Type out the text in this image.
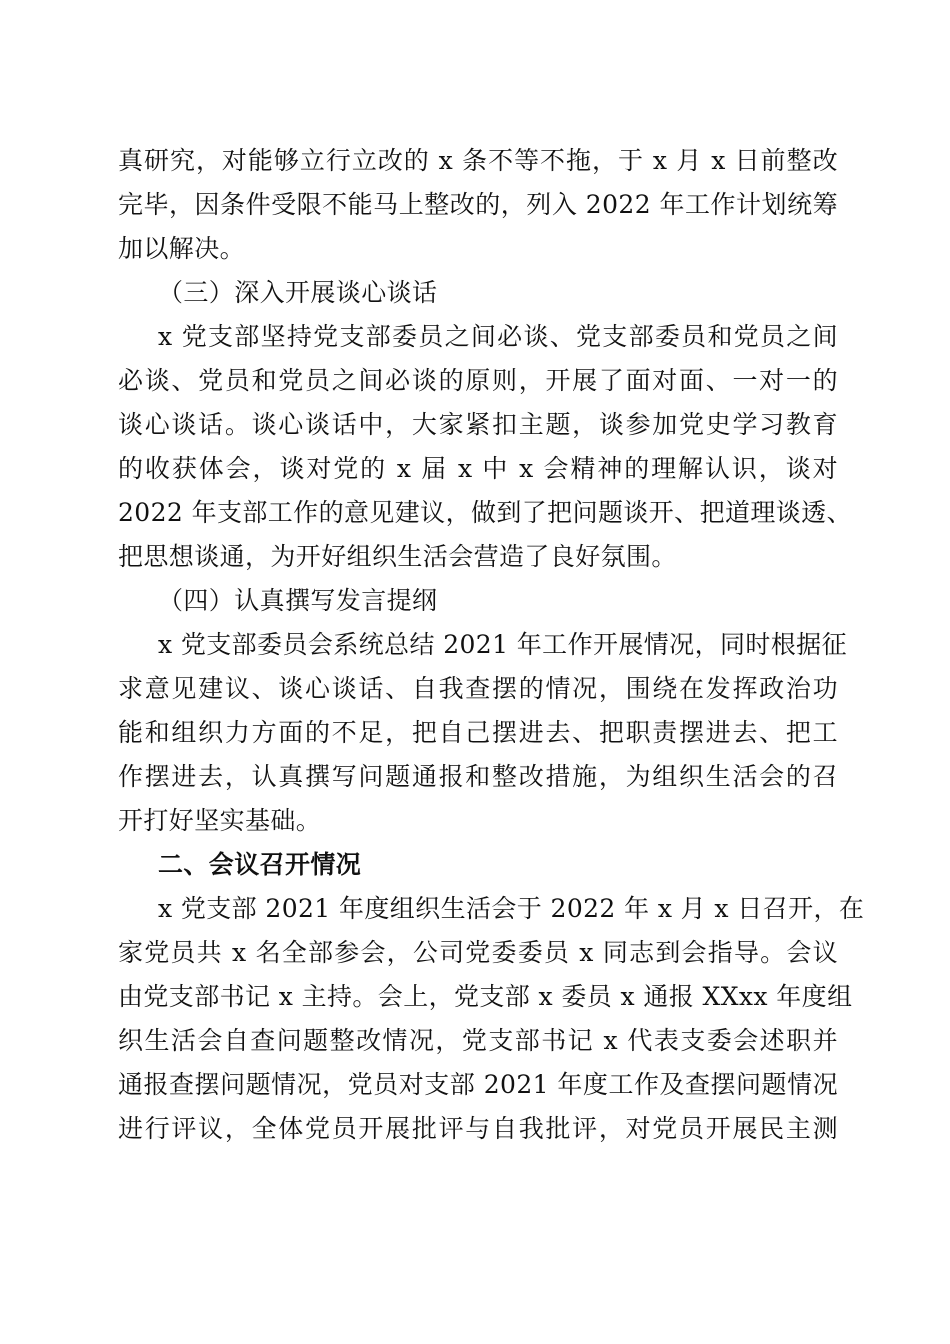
真研究，对能够立行立改的 x 条不等不拖，于 x 月 x 日前整改
完毕，因条件受限不能马上整改的，列入 2022 年工作计划统筹
加以解决。
（三）深入开展谈心谈话
x 党支部坚持党支部委员之间必谈、党支部委员和党员之间
必谈、党员和党员之间必谈的原则，开展了面对面、一对一的
谈心谈话。谈心谈话中，大家紧扣主题，谈参加党史学习教育
的收获体会，谈对党的 x 届 x 中 x 会精神的理解认识，谈对
2022 年支部工作的意见建议，做到了把问题谈开、把道理谈透、
把思想谈通，为开好组织生活会营造了良好氛围。
（四）认真撰写发言提纲
x 党支部委员会系统总结 2021 年工作开展情况，同时根据征
求意见建议、谈心谈话、自我查摆的情况，围绕在发挥政治功
能和组织力方面的不足，把自己摆进去、把职责摆进去、把工
作摆进去，认真撰写问题通报和整改措施，为组织生活会的召
开打好坚实基础。
二、会议召开情况
x 党支部 2021 年度组织生活会于 2022 年 x 月 x 日召开，在
家党员共 x 名全部参会，公司党委委员 x 同志到会指导。会议
由党支部书记 x 主持。会上，党支部 x 委员 x 通报 XXxx 年度组
织生活会自查问题整改情况，党支部书记 x 代表支委会述职并
通报查摆问题情况，党员对支部 2021 年度工作及查摆问题情况
进行评议，全体党员开展批评与自我批评，对党员开展民主测
